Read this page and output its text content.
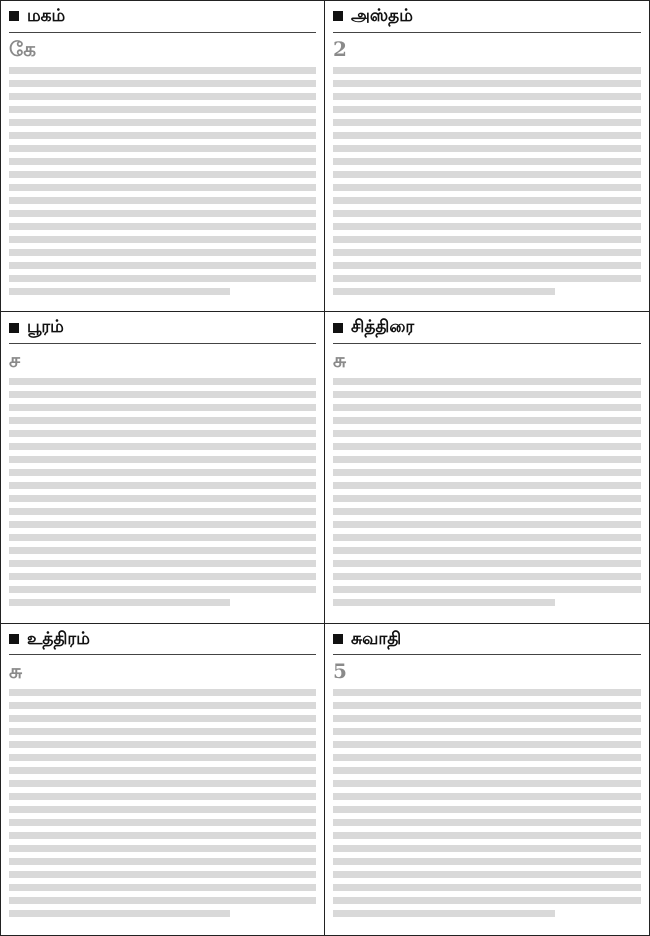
மகம்
கே
அஸ்தம்
2
பூரம்
ச
சித்திரை
சு
உத்திரம்
சு
சுவாதி
5
